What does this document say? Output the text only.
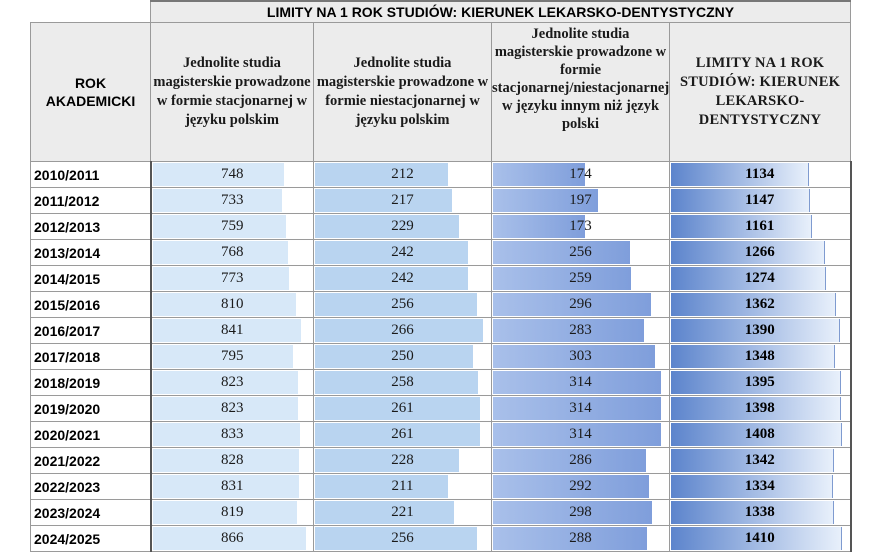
	LIMITY NA 1 ROK STUDIÓW: KIERUNEK LEKARSKO-DENTYSTYCZNY			
ROK AKADEMICKI	Jednolite studia magisterskie prowadzone w formie stacjonarnej w języku polskim	Jednolite studia magisterskie prowadzone w formie niestacjonarnej w języku polskim	Jednolite studia magisterskie prowadzone w formie stacjonarnej/niestacjonarnej w języku innym niż język polski	LIMITY NA 1 ROK STUDIÓW: KIERUNEK LEKARSKO-DENTYSTYCZNY
2010/2011	748	212	174	1134

2011/2012	733	217	197	1147

2012/2013	759	229	173	1161

2013/2014	768	242	256	1266

2014/2015	773	242	259	1274

2015/2016	810	256	296	1362

2016/2017	841	266	283	1390

2017/2018	795	250	303	1348

2018/2019	823	258	314	1395

2019/2020	823	261	314	1398

2020/2021	833	261	314	1408

2021/2022	828	228	286	1342

2022/2023	831	211	292	1334

2023/2024	819	221	298	1338

2024/2025	866	256	288	1410
